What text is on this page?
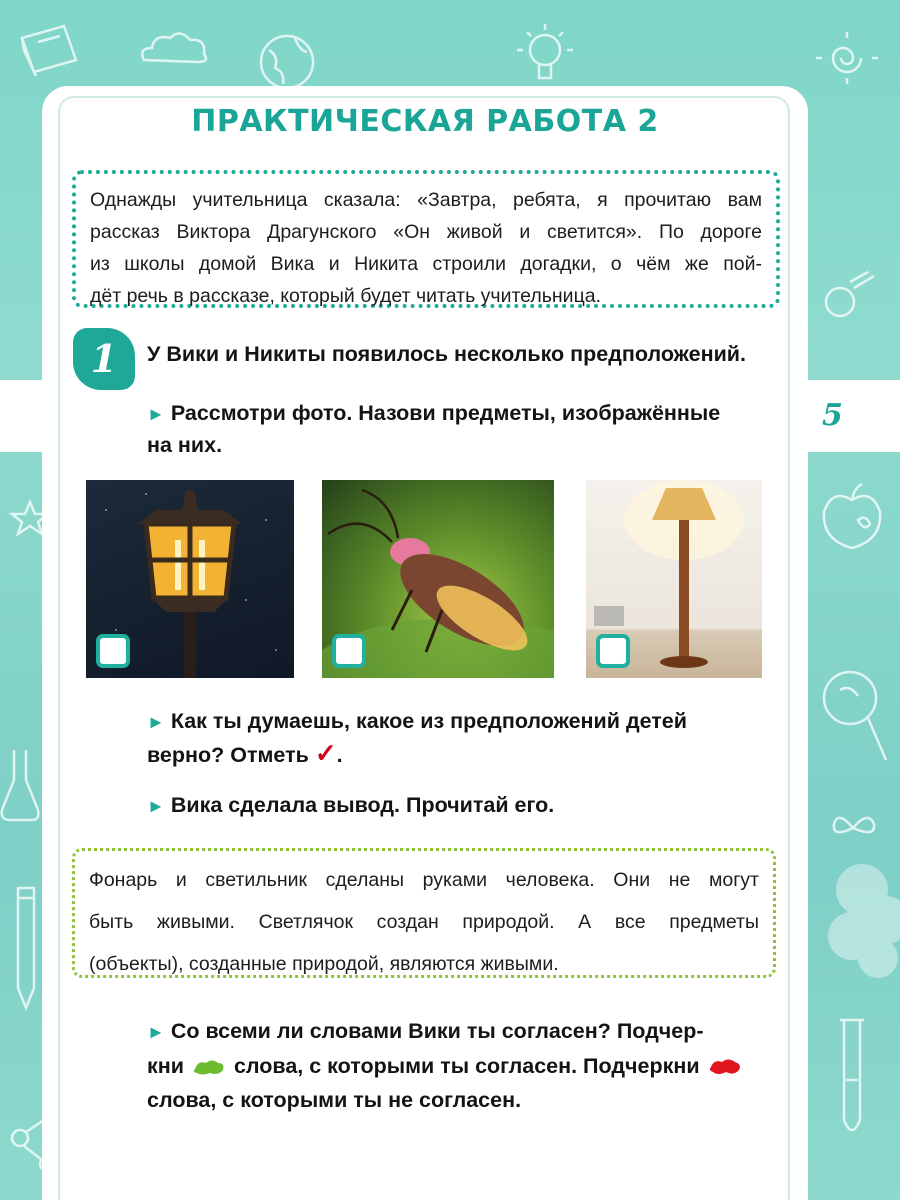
5
ПРАКТИЧЕСКАЯ РАБОТА 2

Однажды учительница сказала: «Завтра, ребята, я прочитаю вам

рассказ Виктора Драгунского «Он живой и светится». По дороге

из школы домой Вика и Никита строили догадки, о чём же пой-

дёт речь в рассказе, который будет читать учительница.

1	У Вики и Никиты появилось несколько предположений.
► Рассмотри фото. Назови предметы, изображённые
на них.
► Как ты думаешь, какое из предположений детей
верно? Отметь ✓.
► Вика сделала вывод. Прочитай его.

Фонарь и светильник сделаны руками человека. Они не могут

быть живыми. Светлячок создан природой. А все предметы

(объекты), созданные природой, являются живыми.

► Со всеми ли словами Вики ты согласен? Подчер-
кни слова, с которыми ты согласен. Подчеркни
слова, с которыми ты не согласен.
